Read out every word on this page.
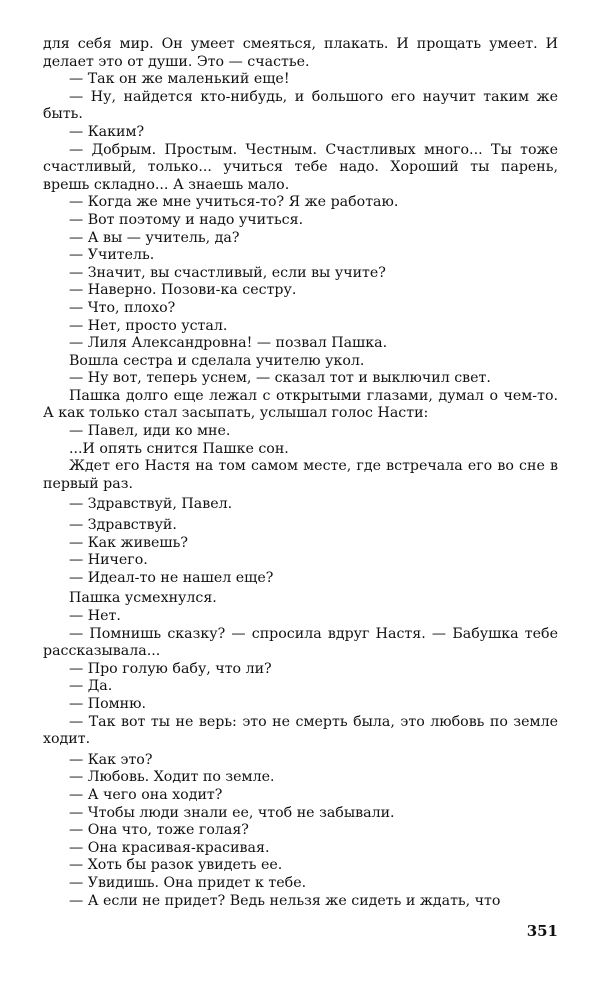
для себя мир. Он умеет смеяться, плакать. И прощать умеет. И делает это от души. Это — счастье.

— Так он же маленький еще!

— Ну, найдется кто-нибудь, и большого его научит таким же быть.

— Каким?

— Добрым. Простым. Честным. Счастливых много... Ты тоже счастливый, только... учиться тебе надо. Хороший ты парень, врешь складно... А знаешь мало.

— Когда же мне учиться-то? Я же работаю.

— Вот поэтому и надо учиться.

— А вы — учитель, да?

— Учитель.

— Значит, вы счастливый, если вы учите?

— Наверно. Позови-ка сестру.

— Что, плохо?

— Нет, просто устал.

— Лиля Александровна! — позвал Пашка.

Вошла сестра и сделала учителю укол.

— Ну вот, теперь уснем, — сказал тот и выключил свет.

Пашка долго еще лежал с открытыми глазами, думал о чем-то. А как только стал засыпать, услышал голос Насти:

— Павел, иди ко мне.

...И опять снится Пашке сон.

Ждет его Настя на том самом месте, где встречала его во сне в первый раз.

— Здравствуй, Павел.

— Здравствуй.

— Как живешь?

— Ничего.

— Идеал-то не нашел еще?

Пашка усмехнулся.

— Нет.

— Помнишь сказку? — спросила вдруг Настя. — Бабушка тебе рассказывала...

— Про голую бабу, что ли?

— Да.

— Помню.

— Так вот ты не верь: это не смерть была, это любовь по земле ходит.

— Как это?

— Любовь. Ходит по земле.

— А чего она ходит?

— Чтобы люди знали ее, чтоб не забывали.

— Она что, тоже голая?

— Она красивая-красивая.

— Хоть бы разок увидеть ее.

— Увидишь. Она придет к тебе.

— А если не придет? Ведь нельзя же сидеть и ждать, что

351
